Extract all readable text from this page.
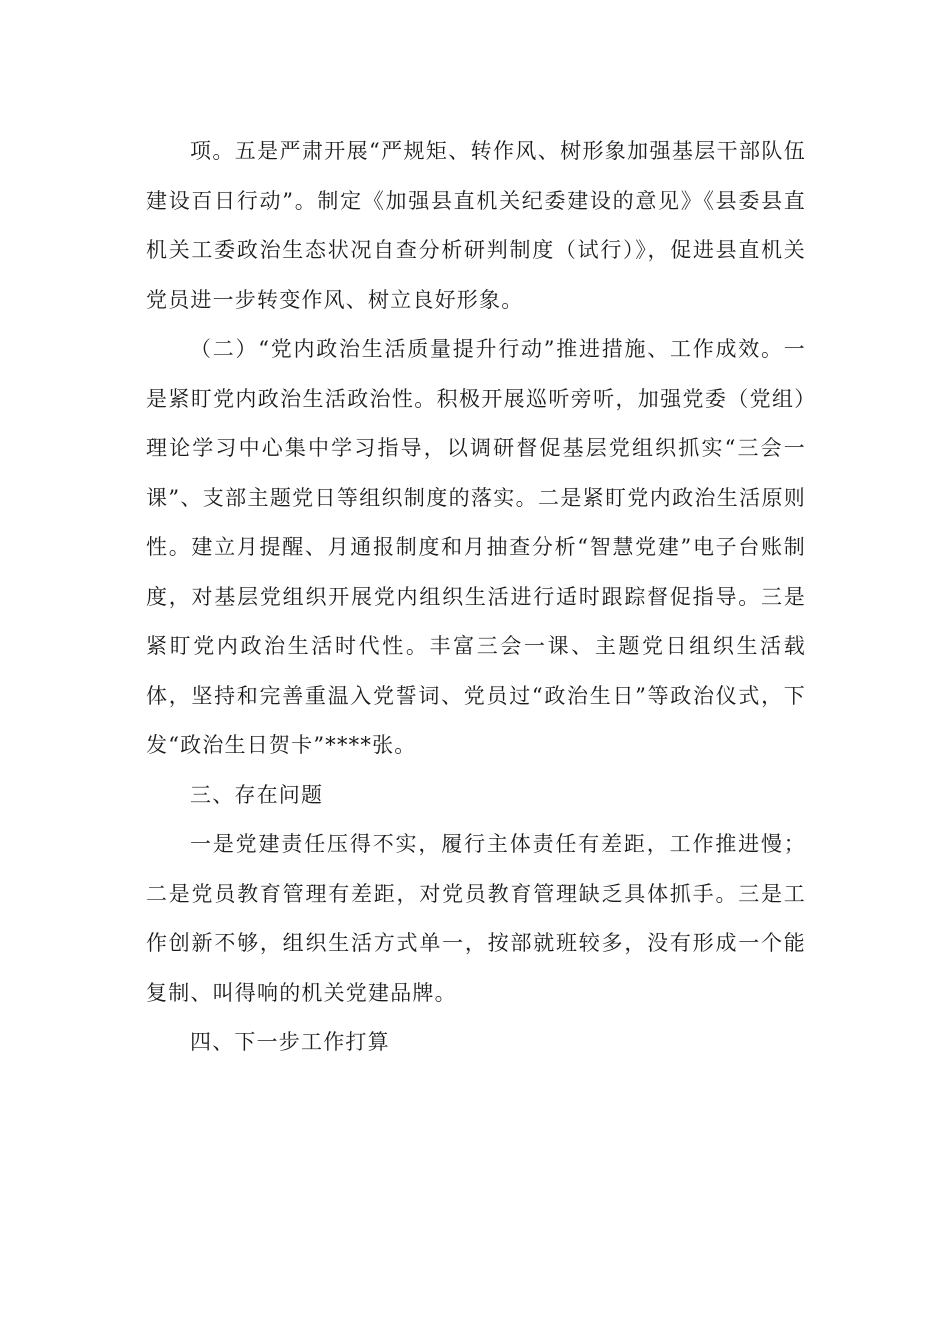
项。五是严肃开展“严规矩、转作风、树形象加强基层干部队伍建设百日行动”。制定《加强县直机关纪委建设的意见》《县委县直机关工委政治生态状况自查分析研判制度（试行）》，促进县直机关党员进一步转变作风、树立良好形象。

（二）“党内政治生活质量提升行动”推进措施、工作成效。一是紧盯党内政治生活政治性。积极开展巡听旁听，加强党委（党组）理论学习中心集中学习指导，以调研督促基层党组织抓实“三会一课”、支部主题党日等组织制度的落实。二是紧盯党内政治生活原则性。建立月提醒、月通报制度和月抽查分析“智慧党建”电子台账制度，对基层党组织开展党内组织生活进行适时跟踪督促指导。三是紧盯党内政治生活时代性。丰富三会一课、主题党日组织生活载体，坚持和完善重温入党誓词、党员过“政治生日”等政治仪式，下发“政治生日贺卡”****张。

三、存在问题

一是党建责任压得不实，履行主体责任有差距，工作推进慢；二是党员教育管理有差距，对党员教育管理缺乏具体抓手。三是工作创新不够，组织生活方式单一，按部就班较多，没有形成一个能复制、叫得响的机关党建品牌。

四、下一步工作打算
